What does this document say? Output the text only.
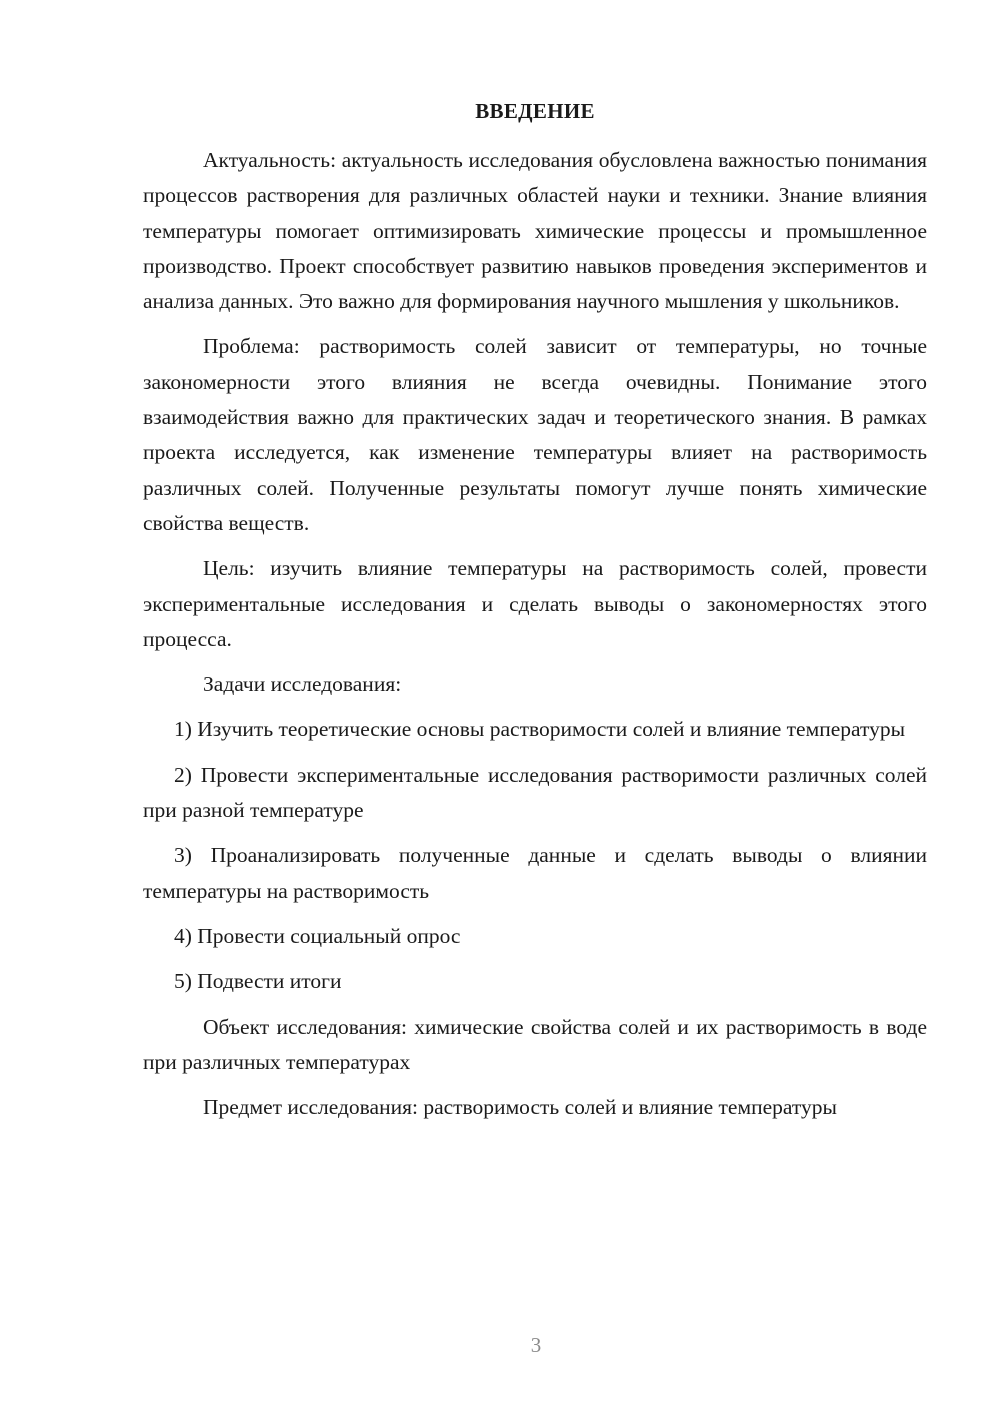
ВВЕДЕНИЕ

Актуальность: актуальность исследования обусловлена важностью понимания процессов растворения для различных областей науки и техники. Знание влияния температуры помогает оптимизировать химические процессы и промышленное производство. Проект способствует развитию навыков проведения экспериментов и анализа данных. Это важно для формирования научного мышления у школьников.

Проблема: растворимость солей зависит от температуры, но точные закономерности этого влияния не всегда очевидны. Понимание этого взаимодействия важно для практических задач и теоретического знания. В рамках проекта исследуется, как изменение температуры влияет на растворимость различных солей. Полученные результаты помогут лучше понять химические свойства веществ.

Цель: изучить влияние температуры на растворимость солей, провести экспериментальные исследования и сделать выводы о закономерностях этого процесса.

Задачи исследования:

1) Изучить теоретические основы растворимости солей и влияние температуры

2) Провести экспериментальные исследования растворимости различных солей при разной температуре

3) Проанализировать полученные данные и сделать выводы о влиянии температуры на растворимость

4) Провести социальный опрос

5) Подвести итоги

Объект исследования: химические свойства солей и их растворимость в воде при различных температурах

Предмет исследования: растворимость солей и влияние температуры

3
